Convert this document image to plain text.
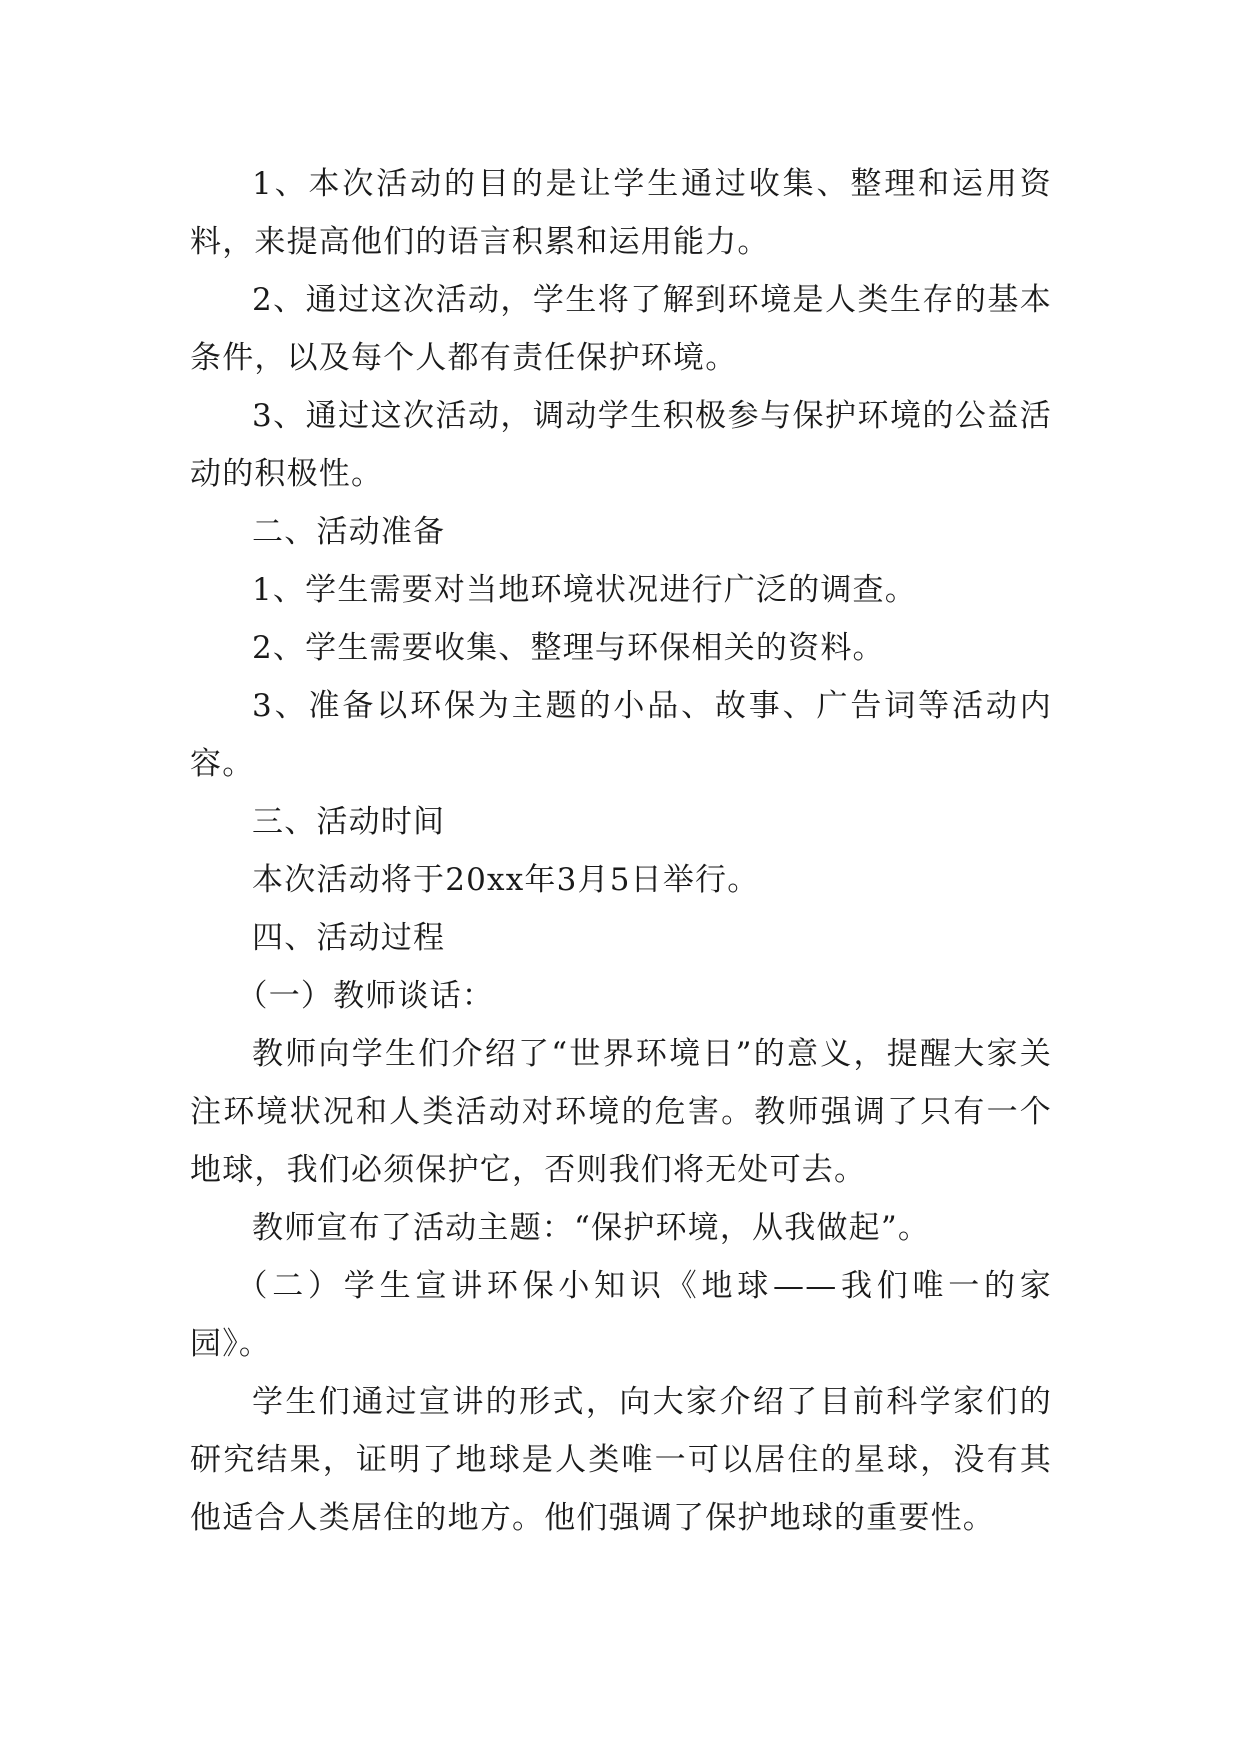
1、本次活动的目的是让学生通过收集、整理和运用资料，来提高他们的语言积累和运用能力。

2、通过这次活动，学生将了解到环境是人类生存的基本条件，以及每个人都有责任保护环境。

3、通过这次活动，调动学生积极参与保护环境的公益活动的积极性。

二、活动准备

1、学生需要对当地环境状况进行广泛的调查。

2、学生需要收集、整理与环保相关的资料。

3、准备以环保为主题的小品、故事、广告词等活动内容。

三、活动时间

本次活动将于20xx年3月5日举行。

四、活动过程

（一）教师谈话：

教师向学生们介绍了“世界环境日”的意义，提醒大家关注环境状况和人类活动对环境的危害。教师强调了只有一个地球，我们必须保护它，否则我们将无处可去。

教师宣布了活动主题：“保护环境，从我做起”。

（二）学生宣讲环保小知识《地球——我们唯一的家园》。

学生们通过宣讲的形式，向大家介绍了目前科学家们的研究结果，证明了地球是人类唯一可以居住的星球，没有其他适合人类居住的地方。他们强调了保护地球的重要性。
